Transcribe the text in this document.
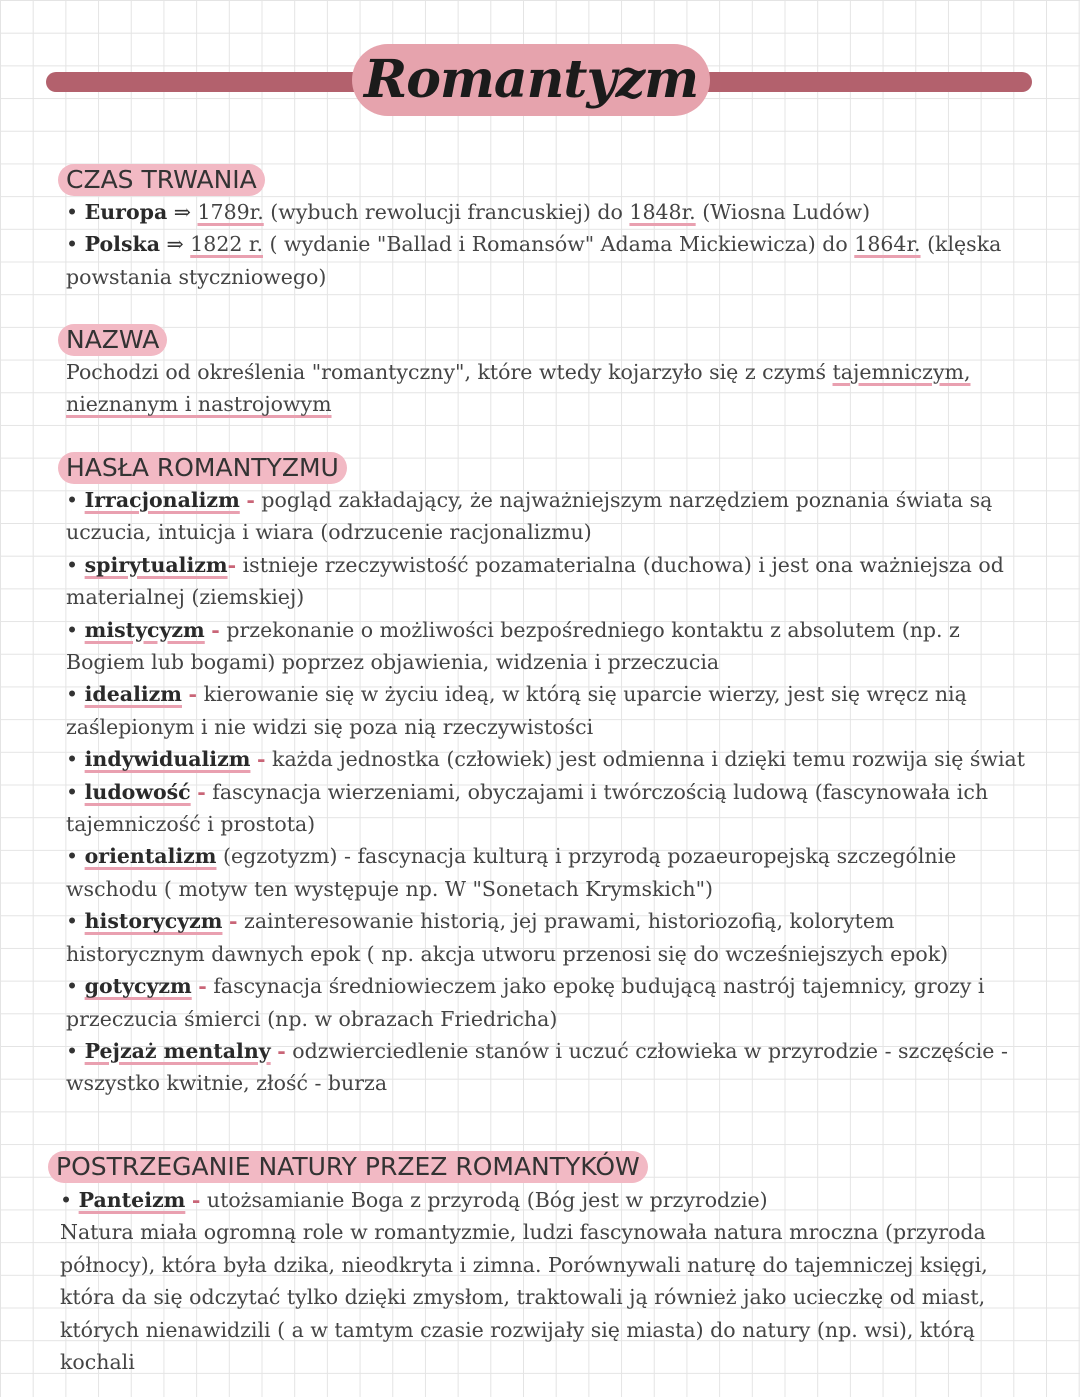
Romantyzm
CZAS TRWANIA

• Europa ⇒ 1789r. (wybuch rewolucji francuskiej) do 1848r. (Wiosna Ludów)

• Polska ⇒ 1822 r. ( wydanie "Ballad i Romansów" Adama Mickiewicza) do 1864r. (klęska powstania styczniowego)

NAZWA

Pochodzi od określenia "romantyczny", które wtedy kojarzyło się z czymś tajemniczym, nieznanym i nastrojowym

HASŁA ROMANTYZMU

• Irracjonalizm - pogląd zakładający, że najważniejszym narzędziem poznania świata są uczucia, intuicja i wiara (odrzucenie racjonalizmu)

• spirytualizm- istnieje rzeczywistość pozamaterialna (duchowa) i jest ona ważniejsza od materialnej (ziemskiej)

• mistycyzm - przekonanie o możliwości bezpośredniego kontaktu z absolutem (np. z Bogiem lub bogami) poprzez objawienia, widzenia i przeczucia

• idealizm - kierowanie się w życiu ideą, w którą się uparcie wierzy, jest się wręcz nią zaślepionym i nie widzi się poza nią rzeczywistości

• indywidualizm - każda jednostka (człowiek) jest odmienna i dzięki temu rozwija się świat

• ludowość - fascynacja wierzeniami, obyczajami i twórczością ludową (fascynowała ich tajemniczość i prostota)

• orientalizm (egzotyzm) - fascynacja kulturą i przyrodą pozaeuropejską szczególnie wschodu ( motyw ten występuje np. W "Sonetach Krymskich")

• historycyzm - zainteresowanie historią, jej prawami, historiozofią, kolorytem historycznym dawnych epok ( np. akcja utworu przenosi się do wcześniejszych epok)

• gotycyzm - fascynacja średniowieczem jako epokę budującą nastrój tajemnicy, grozy i przeczucia śmierci (np. w obrazach Friedricha)

• Pejzaż mentalny - odzwierciedlenie stanów i uczuć człowieka w przyrodzie - szczęście - wszystko kwitnie, złość - burza

POSTRZEGANIE NATURY PRZEZ ROMANTYKÓW

• Panteizm - utożsamianie Boga z przyrodą (Bóg jest w przyrodzie)

Natura miała ogromną role w romantyzmie, ludzi fascynowała natura mroczna (przyroda północy), która była dzika, nieodkryta i zimna. Porównywali naturę do tajemniczej księgi, która da się odczytać tylko dzięki zmysłom, traktowali ją również jako ucieczkę od miast, których nienawidzili ( a w tamtym czasie rozwijały się miasta) do natury (np. wsi), którą kochali
